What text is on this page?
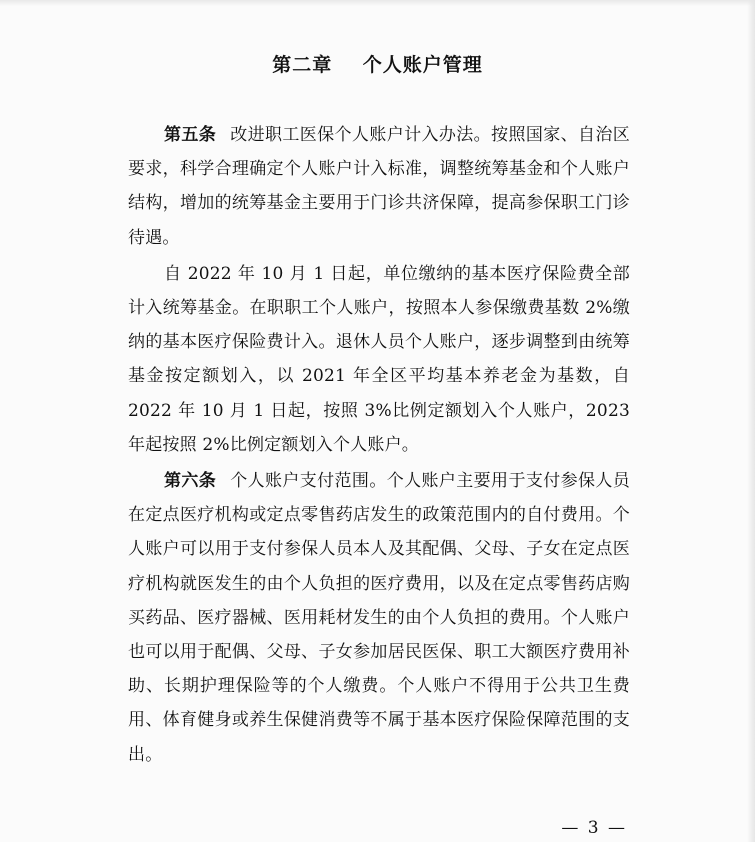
第二章    个人账户管理

第五条 改进职工医保个人账户计入办法。按照国家、自治区要求，科学合理确定个人账户计入标准，调整统筹基金和个人账户结构，增加的统筹基金主要用于门诊共济保障，提高参保职工门诊待遇。

自 2022 年 10 月 1 日起，单位缴纳的基本医疗保险费全部计入统筹基金。在职职工个人账户，按照本人参保缴费基数 2%缴纳的基本医疗保险费计入。退休人员个人账户，逐步调整到由统筹基金按定额划入，以 2021 年全区平均基本养老金为基数，自 2022 年 10 月 1 日起，按照 3%比例定额划入个人账户，2023 年起按照 2%比例定额划入个人账户。

第六条 个人账户支付范围。个人账户主要用于支付参保人员在定点医疗机构或定点零售药店发生的政策范围内的自付费用。个人账户可以用于支付参保人员本人及其配偶、父母、子女在定点医疗机构就医发生的由个人负担的医疗费用，以及在定点零售药店购买药品、医疗器械、医用耗材发生的由个人负担的费用。个人账户也可以用于配偶、父母、子女参加居民医保、职工大额医疗费用补助、长期护理保险等的个人缴费。个人账户不得用于公共卫生费用、体育健身或养生保健消费等不属于基本医疗保险保障范围的支出。

— 3 —
